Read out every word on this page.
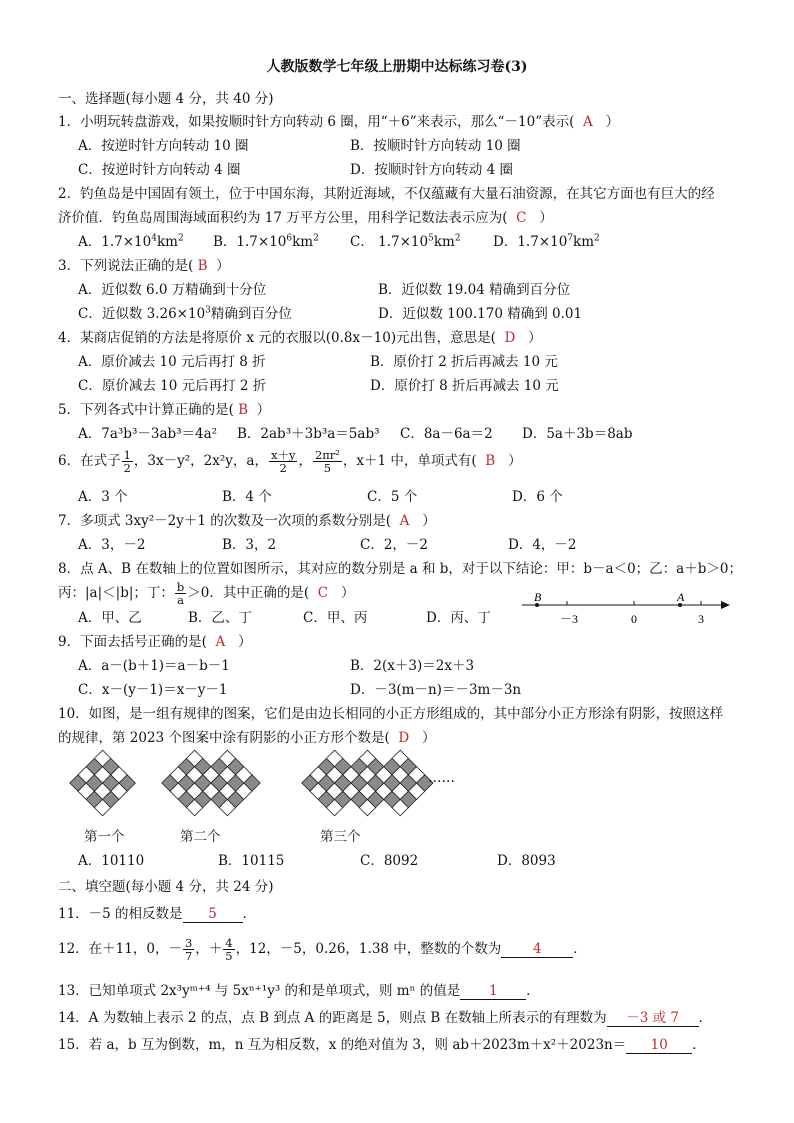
人教版数学七年级上册期中达标练习卷(3)
一、选择题(每小题 4 分，共 40 分)
1．小明玩转盘游戏，如果按顺时针方向转动 6 圈，用“＋6”来表示，那么“－10”表示( A ）
A．按逆时针方向转动 10 圈	B．按顺时针方向转动 10 圈
C．按逆时针方向转动 4 圈	D．按顺时针方向转动 4 圈
2．钓鱼岛是中国固有领土，位于中国东海，其附近海域，不仅蕴藏有大量石油资源，在其它方面也有巨大的经
济价值．钓鱼岛周围海域面积约为 17 万平方公里，用科学记数法表示应为( C ）
A．$1.7\times 10^4km^2$ B．$1.7\times 10^6km^2$ C． $1.7\times 10^5km^2$ D．$1.7\times 10^7km^2$
3．下列说法正确的是( B ）
A．近似数 6.0 万精确到十分位	B．近似数 19.04 精确到百分位
C．近似数 $3.26\times 10^3$精确到百分位	D．近似数 100.170 精确到 0.01
4．某商店促销的方法是将原价 x 元的衣服以(0.8x－10)元出售，意思是( D ）
A．原价减去 10 元后再打 8 折	B．原价打 2 折后再减去 10 元
C．原价减去 10 元后再打 2 折	D．原价打 8 折后再减去 10 元
5．下列各式中计算正确的是( B ）
A．7a³b³－3ab³＝4a² B．2ab³＋3b³a＝5ab³ C．8a－6a＝2 D．5a＋3b＝8ab
6．在式子 $\frac{1}{2}$ ，3x－y²，2x²y，a， $\frac{x+y}{2}$ ， $\frac{\text{2πr²}}{5}$ ，x＋1 中，单项式有( B ）
A．3 个	B．4 个	C．5 个	D．6 个
7．多项式 3xy²－2y＋1 的次数及一次项的系数分别是( A ）
A．3，－2	B．3，2	C．2，－2	D．4，－2
8．点 A、B 在数轴上的位置如图所示，其对应的数分别是 a 和 b，对于以下结论：甲：b－a＜0；乙：a＋b＞0；
丙：|a|＜|b|；丁： $\frac{b}{a} >0$．其中正确的是( C ）
A．甲、乙	B．乙、丁	C．甲、丙	D．丙、丁
B	A
－3	0	3
9．下面去括号正确的是( A ）
A．a－(b＋1)＝a－b－1	B．2(x＋3)＝2x＋3
C．x－(y－1)＝x－y－1	D．－3(m－n)＝－3m－3n
10．如图，是一组有规律的图案，它们是由边长相同的小正方形组成的，其中部分小正方形涂有阴影，按照这样
的规律，第 2023 个图案中涂有阴影的小正方形个数是( D ）
……
第一个	第二个	第三个
A．10110	B．10115	C．8092	D．8093
二、填空题(每小题 4 分，共 24 分)
11．－5 的相反数是 5 ．
12．在＋11，0，－ $\frac{3}{7}$ ，＋ $\frac{4}{5}$ ，12，－5，0.26，1.38 中，整数的个数为 4 ．
13．已知单项式 2x³yᵐ⁺⁴ 与 5xⁿ⁺¹y³ 的和是单项式，则 mⁿ 的值是 1 ．
14．A 为数轴上表示 2 的点，点 B 到点 A 的距离是 5，则点 B 在数轴上所表示的有理数为 －3 或 7 ．
15．若 a，b 互为倒数，m，n 互为相反数，x 的绝对值为 3，则 ab＋2023m＋x²＋2023n＝ 10 ．
